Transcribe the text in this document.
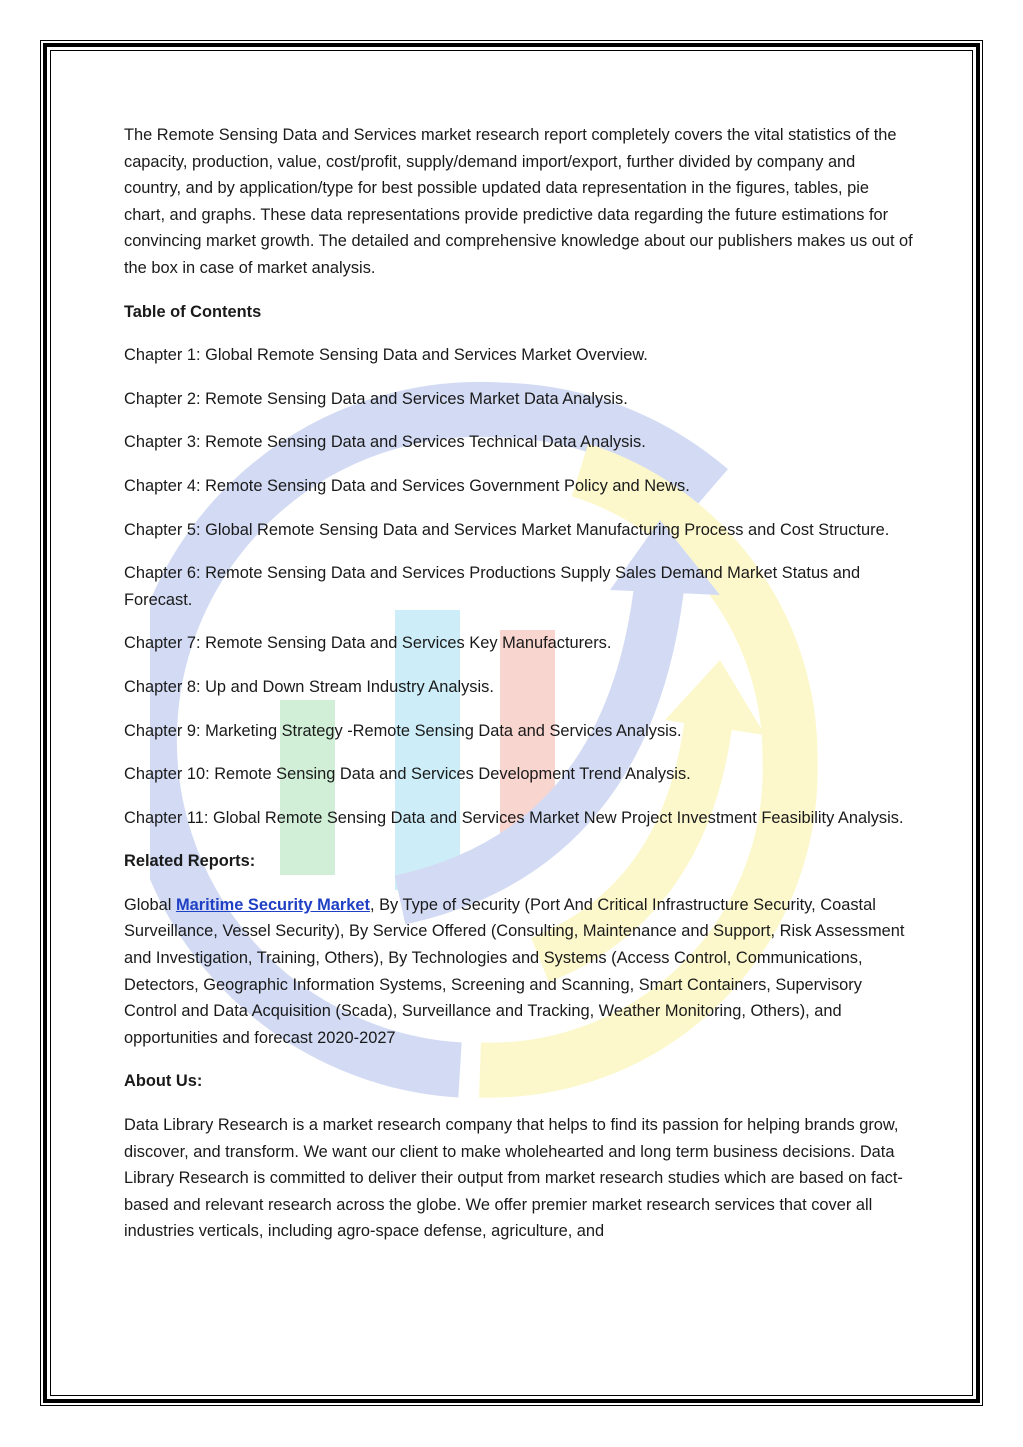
The Remote Sensing Data and Services market research report completely covers the vital statistics of the capacity, production, value, cost/profit, supply/demand import/export, further divided by company and country, and by application/type for best possible updated data representation in the figures, tables, pie chart, and graphs. These data representations provide predictive data regarding the future estimations for convincing market growth. The detailed and comprehensive knowledge about our publishers makes us out of the box in case of market analysis.

Table of Contents

Chapter 1: Global Remote Sensing Data and Services Market Overview.

Chapter 2: Remote Sensing Data and Services Market Data Analysis.

Chapter 3: Remote Sensing Data and Services Technical Data Analysis.

Chapter 4: Remote Sensing Data and Services Government Policy and News.

Chapter 5: Global Remote Sensing Data and Services Market Manufacturing Process and Cost Structure.

Chapter 6: Remote Sensing Data and Services Productions Supply Sales Demand Market Status and Forecast.

Chapter 7: Remote Sensing Data and Services Key Manufacturers.

Chapter 8: Up and Down Stream Industry Analysis.

Chapter 9: Marketing Strategy -Remote Sensing Data and Services Analysis.

Chapter 10: Remote Sensing Data and Services Development Trend Analysis.

Chapter 11: Global Remote Sensing Data and Services Market New Project Investment Feasibility Analysis.

Related Reports:

Global Maritime Security Market, By Type of Security (Port And Critical Infrastructure Security, Coastal Surveillance, Vessel Security), By Service Offered (Consulting, Maintenance and Support, Risk Assessment and Investigation, Training, Others), By Technologies and Systems (Access Control, Communications, Detectors, Geographic Information Systems, Screening and Scanning, Smart Containers, Supervisory Control and Data Acquisition (Scada), Surveillance and Tracking, Weather Monitoring, Others), and opportunities and forecast 2020-2027

About Us:

Data Library Research is a market research company that helps to find its passion for helping brands grow, discover, and transform. We want our client to make wholehearted and long term business decisions. Data Library Research is committed to deliver their output from market research studies which are based on fact-based and relevant research across the globe. We offer premier market research services that cover all industries verticals, including agro-space defense, agriculture, and
